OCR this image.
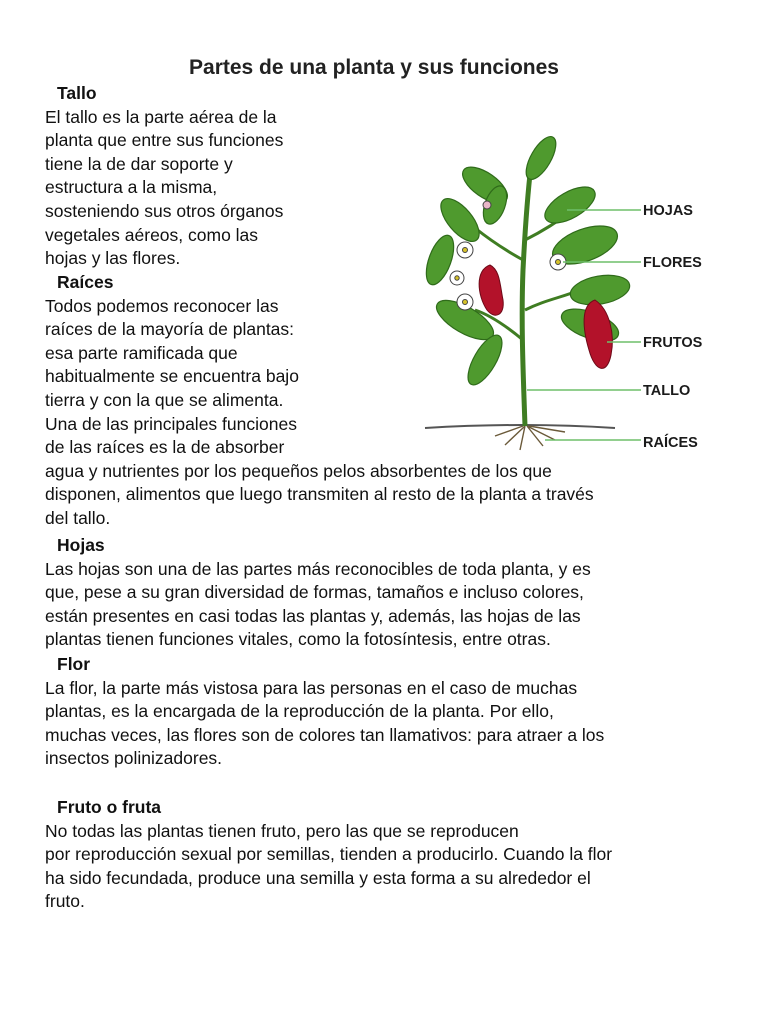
Partes de una planta y sus funciones
Tallo
El tallo es la parte aérea de la
planta que entre sus funciones
tiene la de dar soporte y
estructura a la misma,
sosteniendo sus otros órganos
vegetales aéreos, como las
hojas y las flores.
Raíces
Todos podemos reconocer las
raíces de la mayoría de plantas:
esa parte ramificada que
habitualmente se encuentra bajo
tierra y con la que se alimenta.
Una de las principales funciones
de las raíces es la de absorber
agua y nutrientes por los pequeños pelos absorbentes de los que
disponen, alimentos que luego transmiten al resto de la planta a través
del tallo.
Hojas
Las hojas son una de las partes más reconocibles de toda planta, y es
que, pese a su gran diversidad de formas, tamaños e incluso colores,
están presentes en casi todas las plantas y, además, las hojas de las
plantas tienen funciones vitales, como la fotosíntesis, entre otras.
Flor
La flor, la parte más vistosa para las personas en el caso de muchas
plantas, es la encargada de la reproducción de la planta. Por ello,
muchas veces, las flores son de colores tan llamativos: para atraer a los
insectos polinizadores.
Fruto o fruta
No todas las plantas tienen fruto, pero las que se reproducen
por reproducción sexual por semillas, tienden a producirlo. Cuando la flor
ha sido fecundada, produce una semilla y esta forma a su alrededor el
fruto.
HOJAS
FLORES
FRUTOS
TALLO
RAÍCES
